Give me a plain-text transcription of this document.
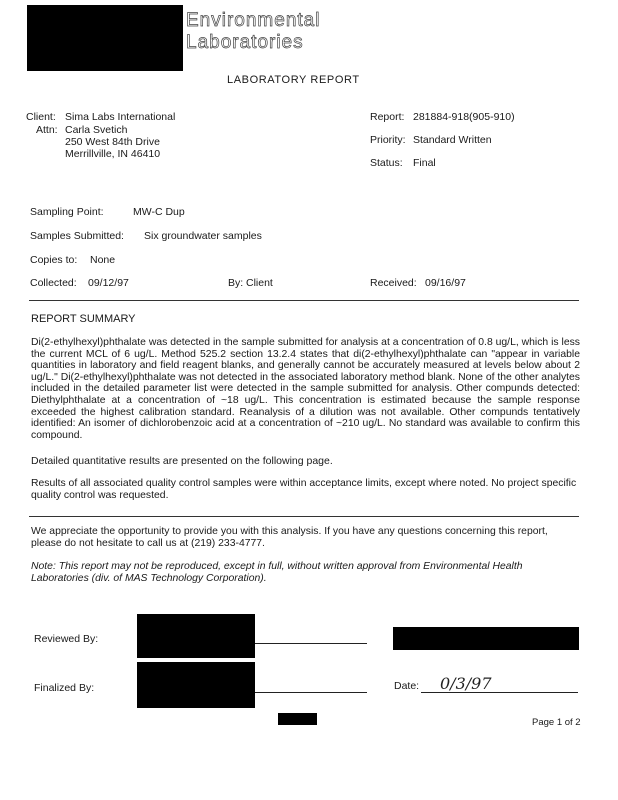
Environmental
Laboratories
LABORATORY REPORT
Client: Sima Labs International
Attn: Carla Svetich
250 West 84th Drive
Merrillville, IN 46410
Report: 281884-918(905-910)
Priority: Standard Written
Status: Final
Sampling Point:	MW-C Dup
Samples Submitted: Six groundwater samples
Copies to: None
Collected: 09/12/97	By: Client	Received: 09/16/97
REPORT SUMMARY
Di(2-ethylhexyl)phthalate was detected in the sample submitted for analysis at a concentration of 0.8 ug/L, which is less the current MCL of 6 ug/L. Method 525.2 section 13.2.4 states that di(2-ethylhexyl)phthalate can "appear in variable quantities in laboratory and field reagent blanks, and generally cannot be accurately measured at levels below about 2 ug/L." Di(2-ethylhexyl)phthalate was not detected in the associated laboratory method blank. None of the other analytes included in the detailed parameter list were detected in the sample submitted for analysis. Other compunds detected: Diethylphthalate at a concentration of ~18 ug/L. This concentration is estimated because the sample response exceeded the highest calibration standard. Reanalysis of a dilution was not available. Other compunds tentatively identified: An isomer of dichlorobenzoic acid at a concentration of ~210 ug/L. No standard was available to confirm this compound.
Detailed quantitative results are presented on the following page.
Results of all associated quality control samples were within acceptance limits, except where noted. No project specific quality control was requested.
We appreciate the opportunity to provide you with this analysis. If you have any questions concerning this report, please do not hesitate to call us at (219) 233-4777.
Note: This report may not be reproduced, except in full, without written approval from Environmental Health Laboratories (div. of MAS Technology Corporation).
Reviewed By:
Finalized By:	Date: 0/3/97
Page 1 of 2
